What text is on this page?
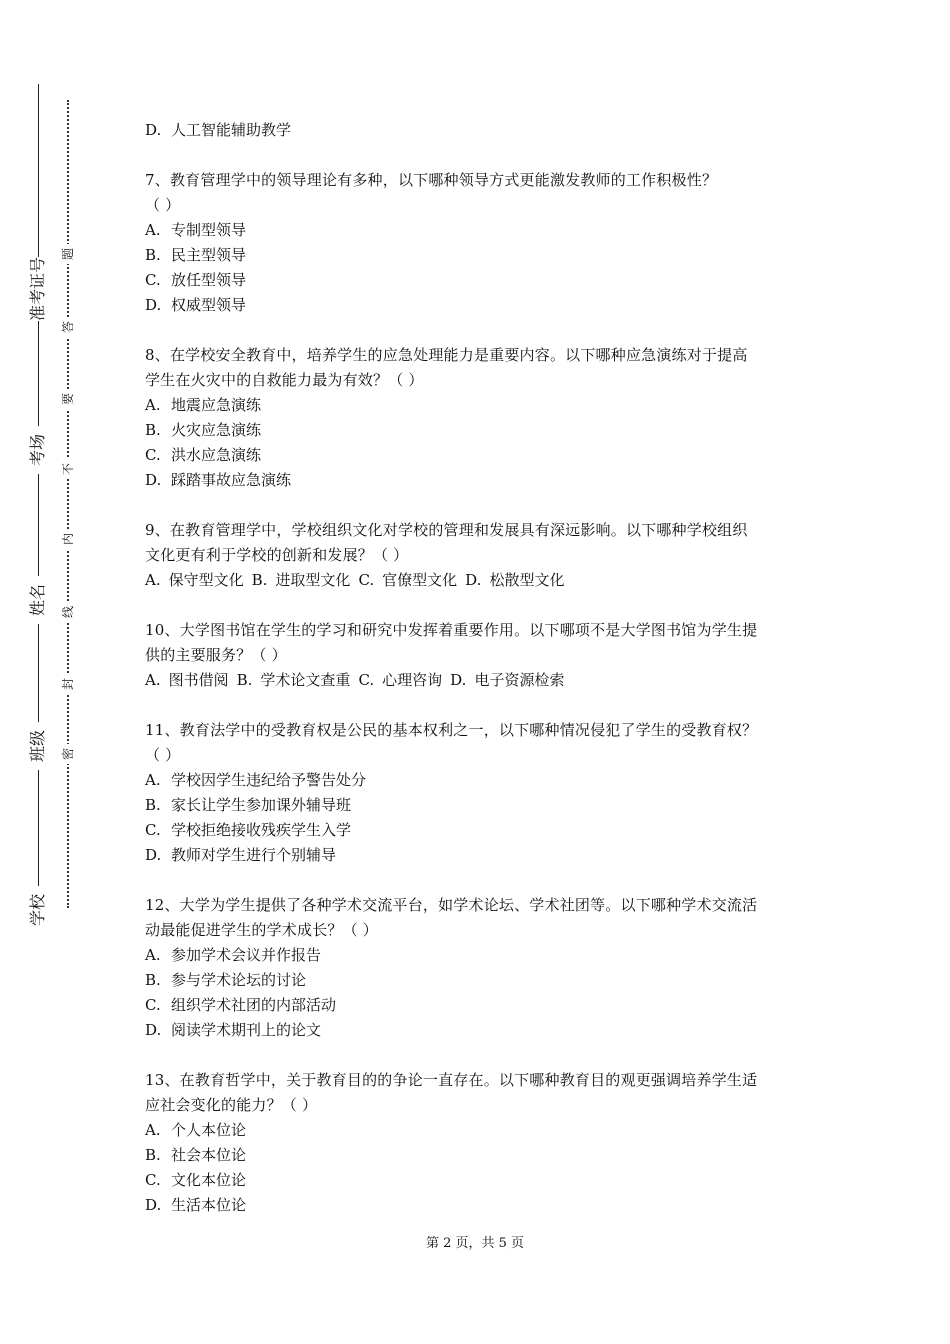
学校
班级
姓名
考场
准考证号
密
封
线
内
不
要
答
题
D. 人工智能辅助教学

7、教育管理学中的领导理论有多种，以下哪种领导方式更能激发教师的工作积极性？

（ ）

A. 专制型领导
B. 民主型领导
C. 放任型领导
D. 权威型领导

8、在学校安全教育中，培养学生的应急处理能力是重要内容。以下哪种应急演练对于提高

学生在火灾中的自救能力最为有效？（ ）

A. 地震应急演练
B. 火灾应急演练
C. 洪水应急演练
D. 踩踏事故应急演练

9、在教育管理学中，学校组织文化对学校的管理和发展具有深远影响。以下哪种学校组织

文化更有利于学校的创新和发展？（ ）

A. 保守型文化 B. 进取型文化 C. 官僚型文化 D. 松散型文化

10、大学图书馆在学生的学习和研究中发挥着重要作用。以下哪项不是大学图书馆为学生提

供的主要服务？（ ）

A. 图书借阅 B. 学术论文查重 C. 心理咨询 D. 电子资源检索

11、教育法学中的受教育权是公民的基本权利之一，以下哪种情况侵犯了学生的受教育权？

（ ）

A. 学校因学生违纪给予警告处分
B. 家长让学生参加课外辅导班
C. 学校拒绝接收残疾学生入学
D. 教师对学生进行个别辅导

12、大学为学生提供了各种学术交流平台，如学术论坛、学术社团等。以下哪种学术交流活

动最能促进学生的学术成长？（ ）

A. 参加学术会议并作报告
B. 参与学术论坛的讨论
C. 组织学术社团的内部活动
D. 阅读学术期刊上的论文

13、在教育哲学中，关于教育目的的争论一直存在。以下哪种教育目的观更强调培养学生适

应社会变化的能力？（ ）

A. 个人本位论
B. 社会本位论
C. 文化本位论
D. 生活本位论
第 2 页，共 5 页
